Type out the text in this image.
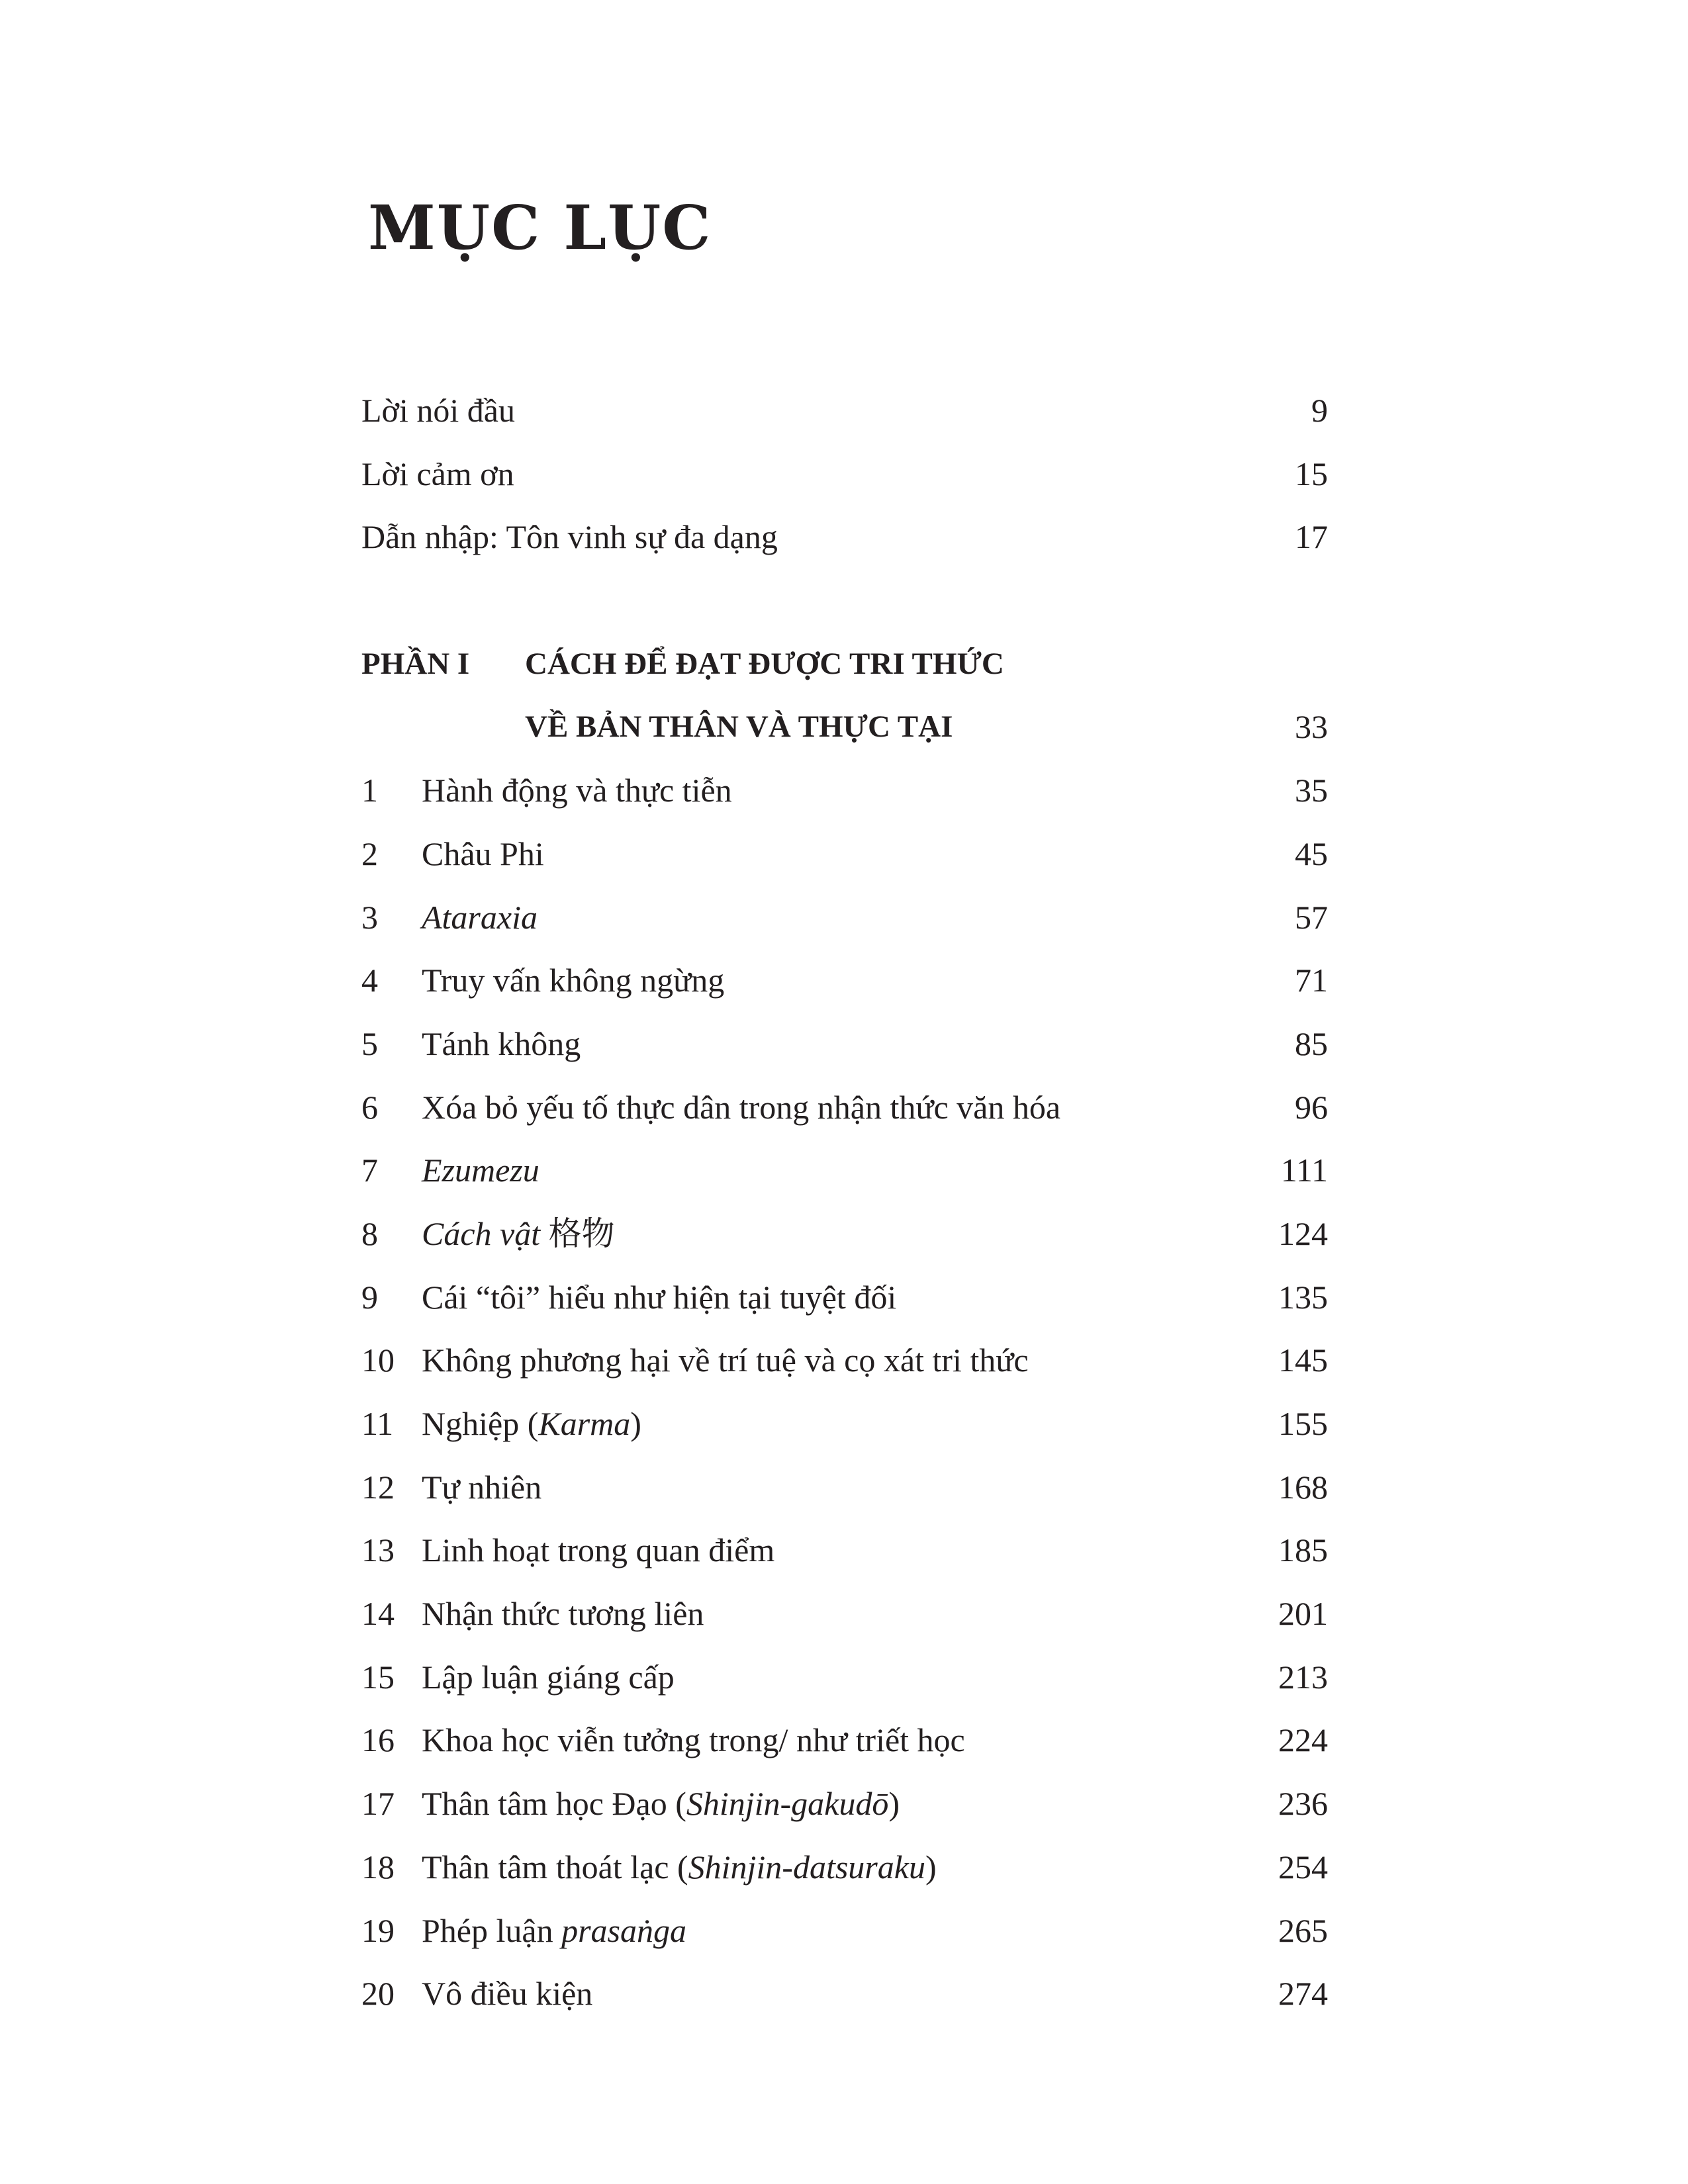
MỤC LỤC
Lời nói đầu	9
Lời cảm ơn	15
Dẫn nhập: Tôn vinh sự đa dạng	17
PHẦN I	CÁCH ĐỂ ĐẠT ĐƯỢC TRI THỨC
VỀ BẢN THÂN VÀ THỰC TẠI	33
1	Hành động và thực tiễn	35
2	Châu Phi	45
3	Ataraxia	57
4	Truy vấn không ngừng	71
5	Tánh không	85
6	Xóa bỏ yếu tố thực dân trong nhận thức văn hóa	96
7	Ezumezu	111
8	Cách vật 格物	124
9	Cái “tôi” hiểu như hiện tại tuyệt đối	135
10 Không phương hại về trí tuệ và cọ xát tri thức	145
11 Nghiệp (Karma)	155
12 Tự nhiên	168
13 Linh hoạt trong quan điểm	185
14 Nhận thức tương liên	201
15 Lập luận giáng cấp	213
16 Khoa học viễn tưởng trong/ như triết học	224
17 Thân tâm học Đạo (Shinjin-gakudō)	236
18 Thân tâm thoát lạc (Shinjin-datsuraku)	254
19 Phép luận prasaṅga	265
20 Vô điều kiện	274
